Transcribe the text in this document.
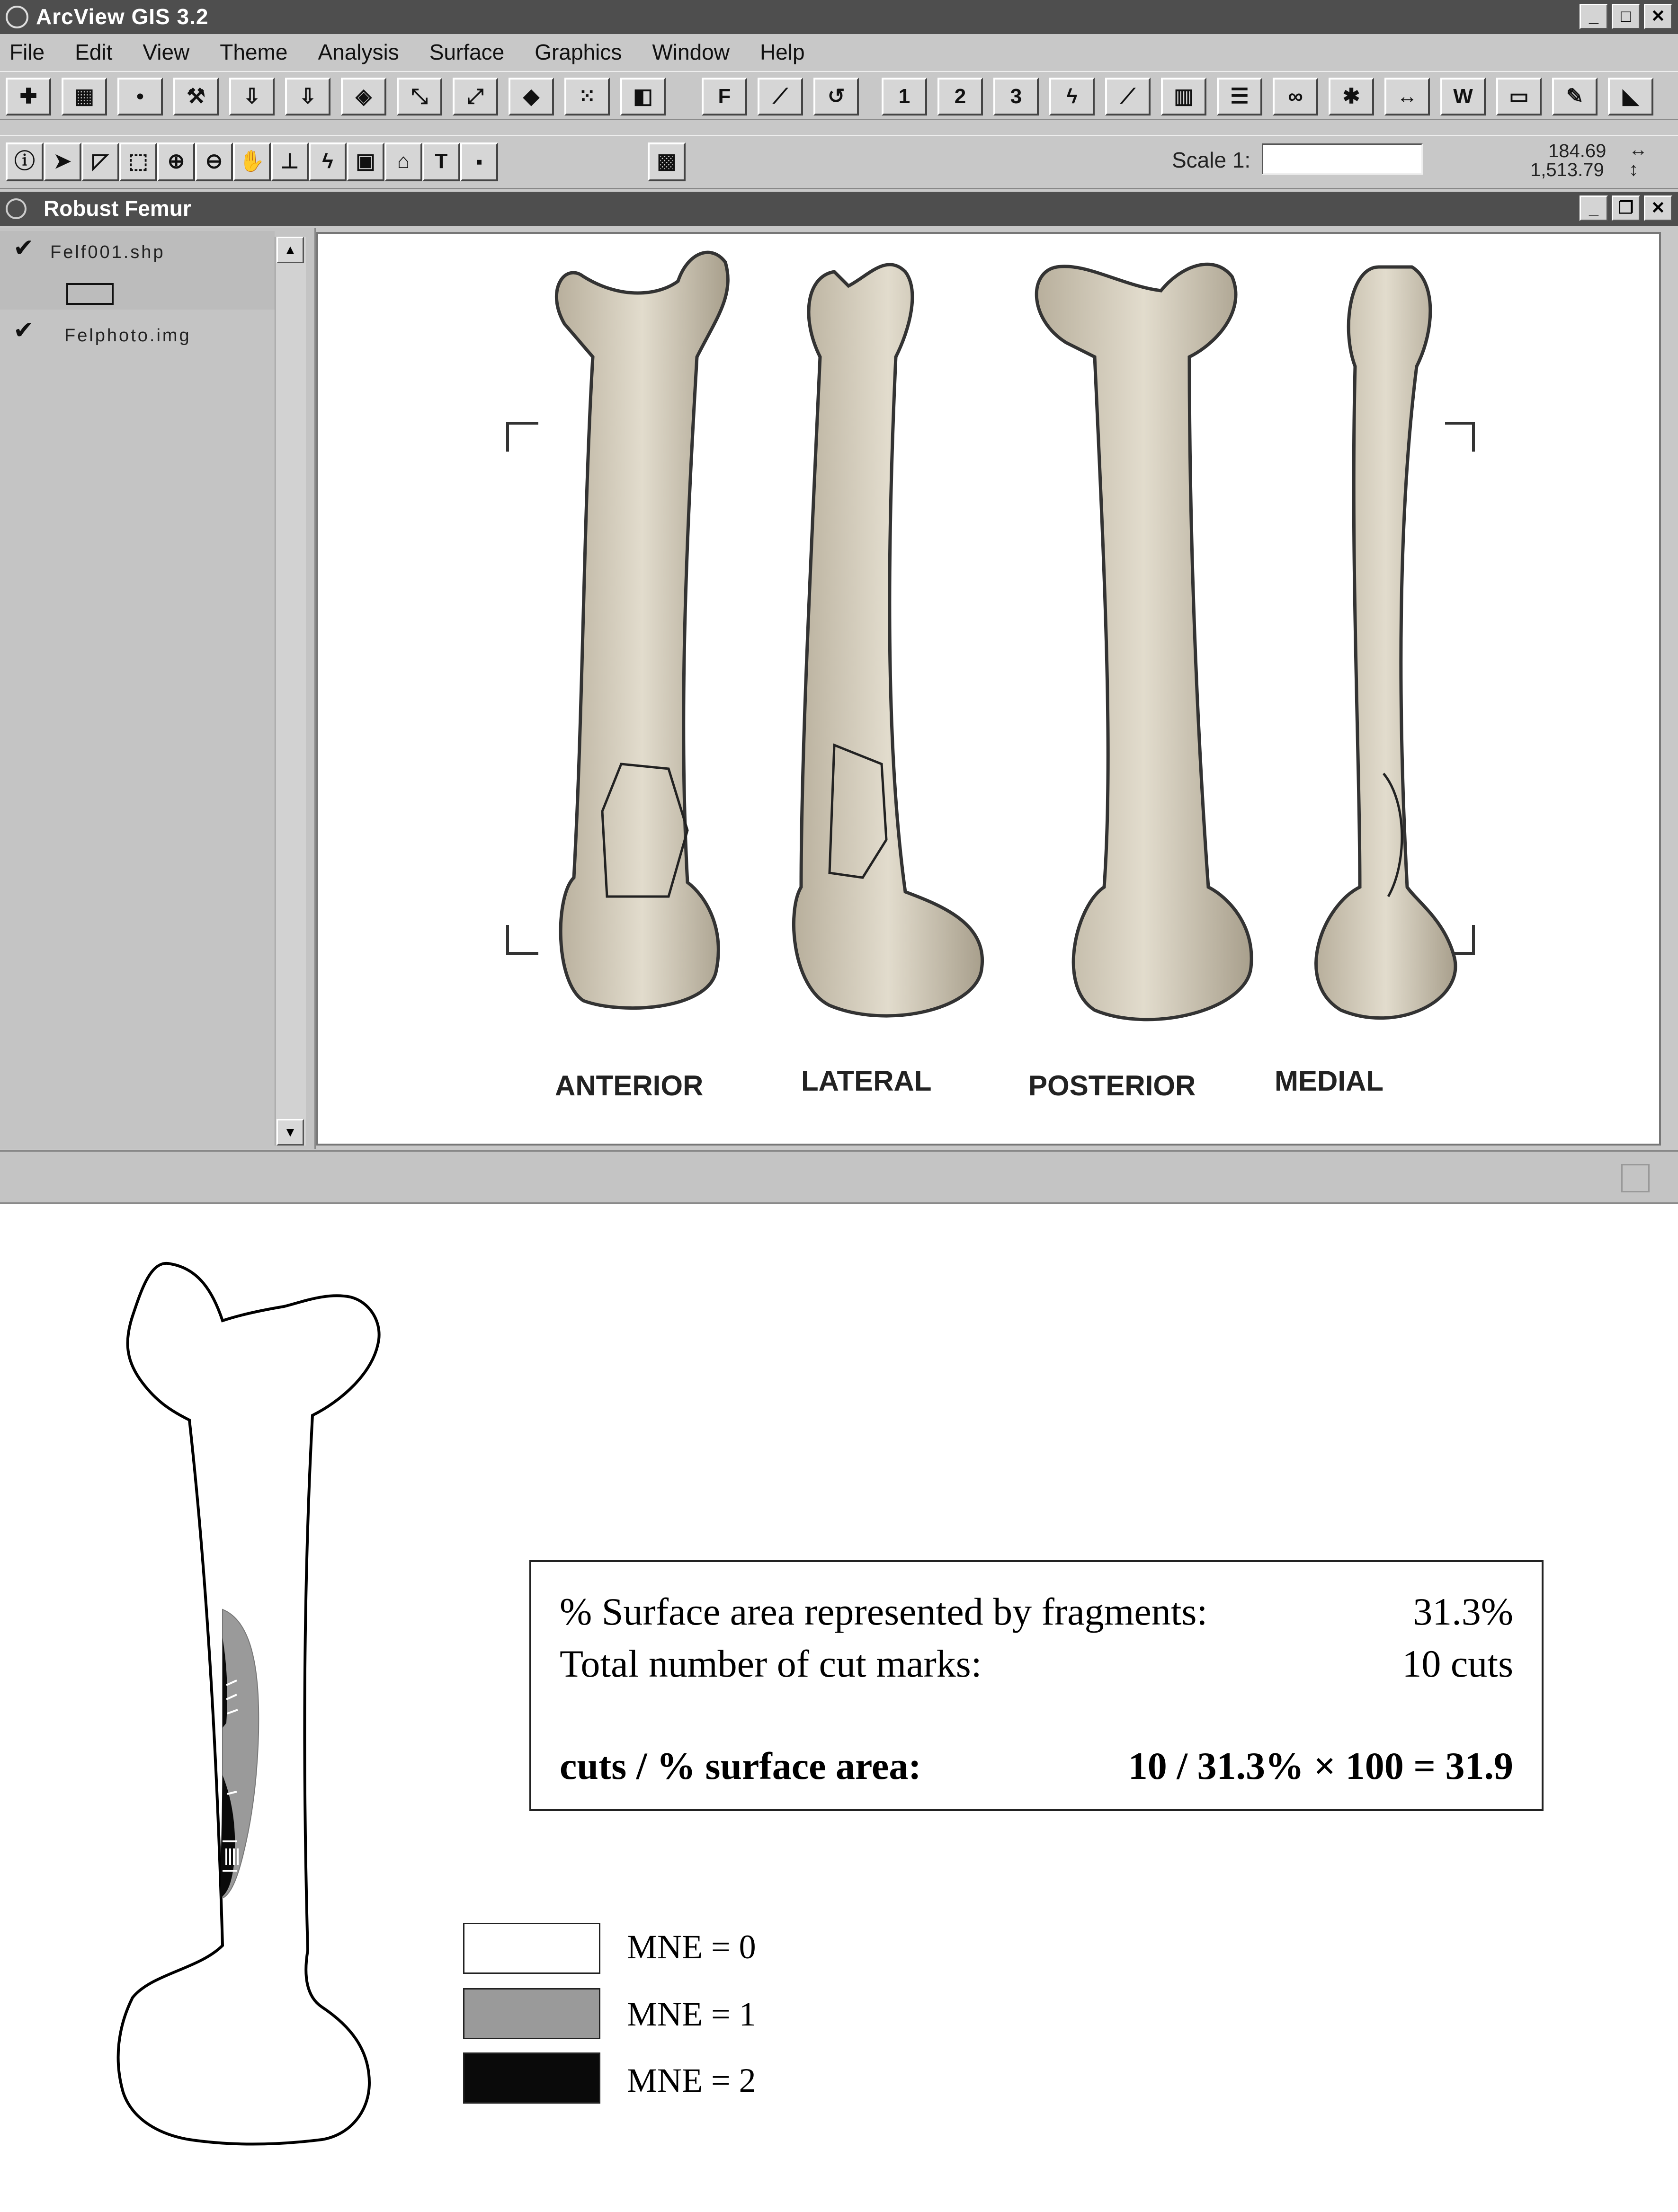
ArcView GIS 3.2	_	□	✕
File Edit View Theme Analysis Surface Graphics Window Help
✚	▦	•	⚒	⇩	⇩	◈	⤡	⤢	◆	⁙	◧	F	⟋	↺	1	2	3	ϟ	⟋	▥	☰	∞	✱	↔	W	▭	✎	◣
ⓘ ➤	◸ ⬚ ⊕ ⊖ ✋ ⊥	ϟ	▣	⌂	T	⬝	▩	Scale 1:	184.69
1,513.79
↔
↕
Robust Femur	_	❐	✕
✔ Felf001.shp
✔ Felphoto.img
▲
▼
ANTERIOR	LATERAL	POSTERIOR	MEDIAL
% Surface area represented by fragments:	31.3%
Total number of cut marks:	10 cuts
cuts / % surface area:	10 / 31.3% × 100 = 31.9
MNE = 0
MNE = 1
MNE = 2
